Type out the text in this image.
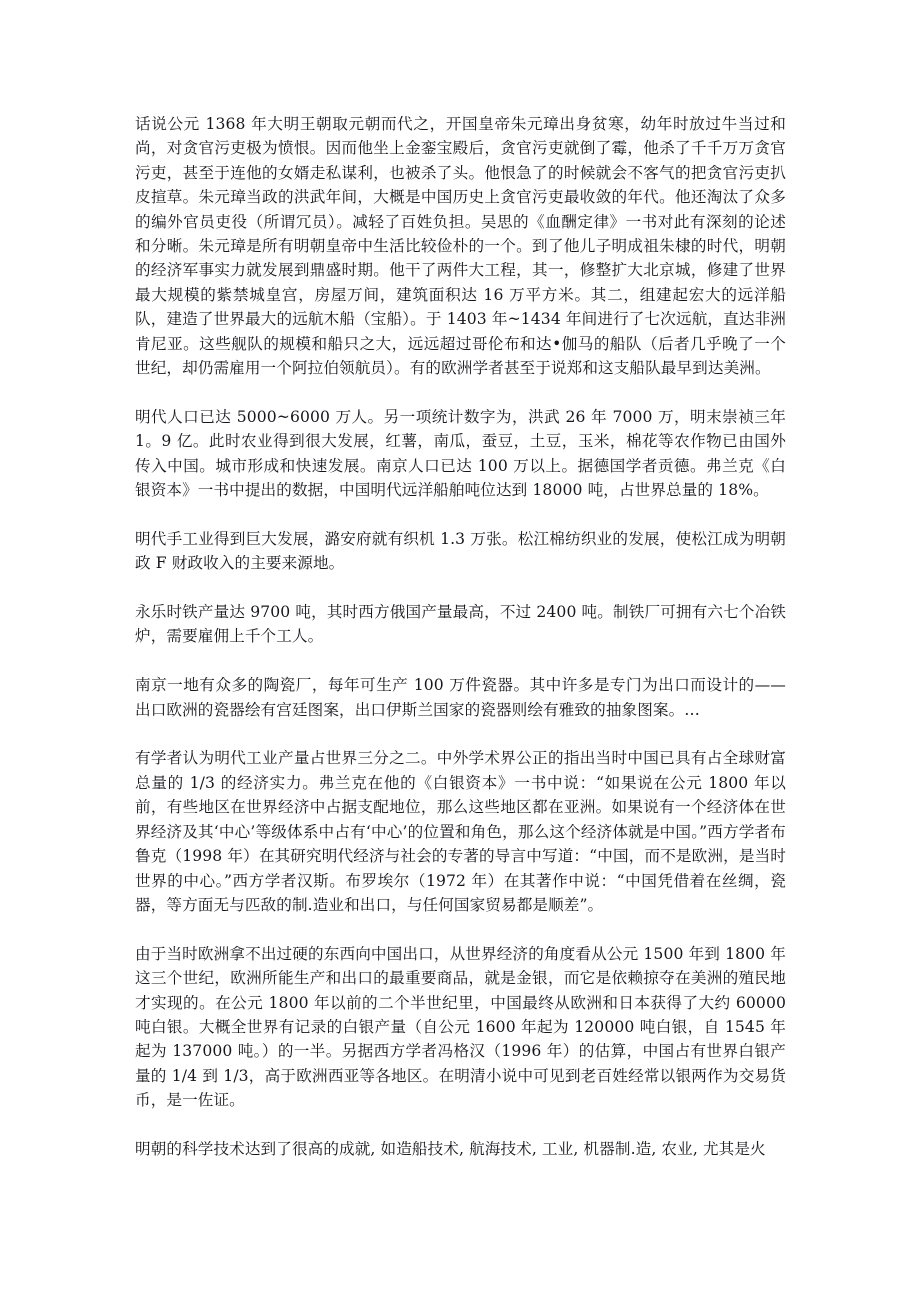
话说公元 1368 年大明王朝取元朝而代之，开国皇帝朱元璋出身贫寒，幼年时放过牛当过和尚，对贪官污吏极为愤恨。因而他坐上金銮宝殿后，贪官污吏就倒了霉，他杀了千千万万贪官污吏，甚至于连他的女婿走私谋利，也被杀了头。他恨急了的时候就会不客气的把贪官污吏扒皮揎草。朱元璋当政的洪武年间，大概是中国历史上贪官污吏最收敛的年代。他还淘汰了众多的编外官员吏役（所谓冗员）。减轻了百姓负担。吴思的《血酬定律》一书对此有深刻的论述和分晰。朱元璋是所有明朝皇帝中生活比较俭朴的一个。到了他儿子明成祖朱棣的时代，明朝的经济军事实力就发展到鼎盛时期。他干了两件大工程，其一，修整扩大北京城，修建了世界最大规模的紫禁城皇宫，房屋万间，建筑面积达 16 万平方米。其二，组建起宏大的远洋船队，建造了世界最大的远航木船（宝船）。于 1403 年~1434 年间进行了七次远航，直达非洲肯尼亚。这些舰队的规模和船只之大，远远超过哥伦布和达•伽马的船队（后者几乎晚了一个世纪，却仍需雇用一个阿拉伯领航员）。有的欧洲学者甚至于说郑和这支船队最早到达美洲。

明代人口已达 5000~6000 万人。另一项统计数字为，洪武 26 年 7000 万，明末崇祯三年 1。9 亿。此时农业得到很大发展，红薯，南瓜，蚕豆，土豆，玉米，棉花等农作物已由国外传入中国。城市形成和快速发展。南京人口已达 100 万以上。据德国学者贡德。弗兰克《白银资本》一书中提出的数据，中国明代远洋船舶吨位达到 18000 吨，占世界总量的 18%。

明代手工业得到巨大发展，潞安府就有织机 1.3 万张。松江棉纺织业的发展，使松江成为明朝政 F 财政收入的主要来源地。

永乐时铁产量达 9700 吨，其时西方俄国产量最高，不过 2400 吨。制铁厂可拥有六七个冶铁炉，需要雇佣上千个工人。

南京一地有众多的陶瓷厂，每年可生产 100 万件瓷器。其中许多是专门为出口而设计的——出口欧洲的瓷器绘有宫廷图案，出口伊斯兰国家的瓷器则绘有雅致的抽象图案。…

有学者认为明代工业产量占世界三分之二。中外学术界公正的指出当时中国已具有占全球财富总量的 1/3 的经济实力。弗兰克在他的《白银资本》一书中说：“如果说在公元 1800 年以前，有些地区在世界经济中占据支配地位，那么这些地区都在亚洲。如果说有一个经济体在世界经济及其‘中心’等级体系中占有‘中心’的位置和角色，那么这个经济体就是中国。”西方学者布鲁克（1998 年）在其研究明代经济与社会的专著的导言中写道：“中国，而不是欧洲，是当时世界的中心。”西方学者汉斯。布罗埃尔（1972 年）在其著作中说：“中国凭借着在丝绸，瓷器，等方面无与匹敌的制.造业和出口，与任何国家贸易都是顺差”。

由于当时欧洲拿不出过硬的东西向中国出口，从世界经济的角度看从公元 1500 年到 1800 年这三个世纪，欧洲所能生产和出口的最重要商品，就是金银，而它是依赖掠夺在美洲的殖民地才实现的。在公元 1800 年以前的二个半世纪里，中国最终从欧洲和日本获得了大约 60000 吨白银。大概全世界有记录的白银产量（自公元 1600 年起为 120000 吨白银，自 1545 年起为 137000 吨。）的一半。另据西方学者冯格汉（1996 年）的估算，中国占有世界白银产量的 1/4 到 1/3，高于欧洲西亚等各地区。在明清小说中可见到老百姓经常以银两作为交易货币，是一佐证。

明朝的科学技术达到了很高的成就, 如造船技术, 航海技术, 工业, 机器制.造, 农业, 尤其是火
